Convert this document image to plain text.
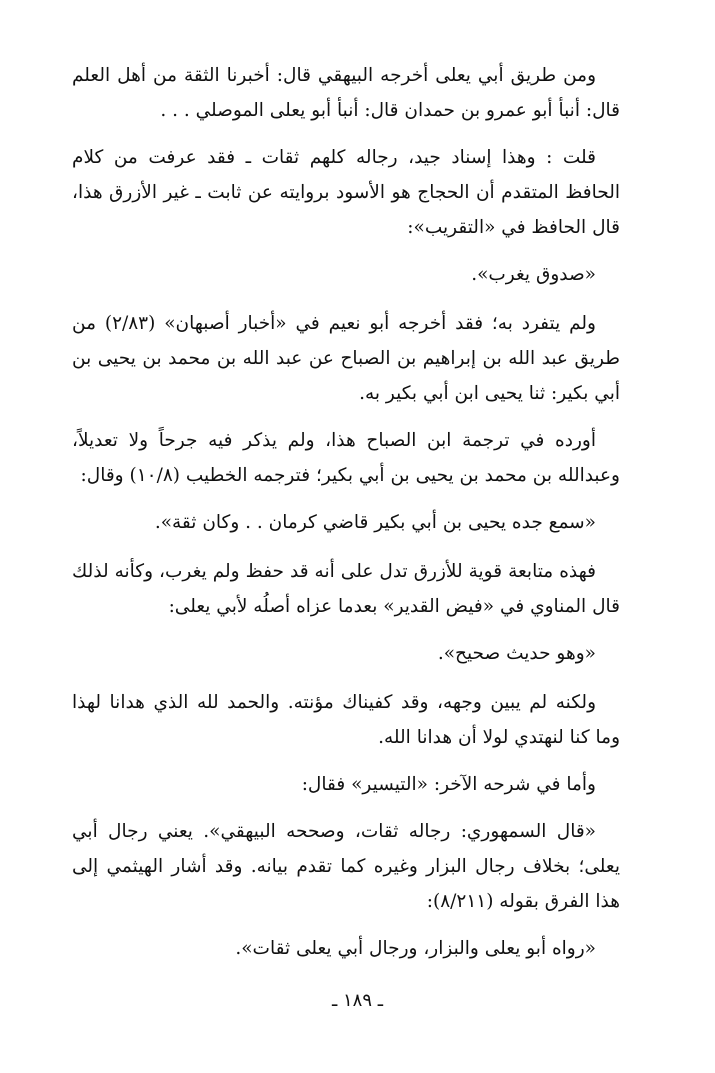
ومن طريق أبي يعلى أخرجه البيهقي قال: أخبرنا الثقة من أهل العلم قال: أنبأ أبو عمرو بن حمدان قال: أنبأ أبو يعلى الموصلي . . .

قلت : وهذا إسناد جيد، رجاله كلهم ثقات ـ فقد عرفت من كلام الحافظ المتقدم أن الحجاج هو الأسود بروايته عن ثابت ـ غير الأزرق هذا، قال الحافظ في «التقريب»:

«صدوق يغرب».

ولم يتفرد به؛ فقد أخرجه أبو نعيم في «أخبار أصبهان» (٢/٨٣) من طريق عبد الله بن إبراهيم بن الصباح عن عبد الله بن محمد بن يحيى بن أبي بكير: ثنا يحيى ابن أبي بكير به.

أورده في ترجمة ابن الصباح هذا، ولم يذكر فيه جرحاً ولا تعديلاً، وعبدالله بن محمد بن يحيى بن أبي بكير؛ فترجمه الخطيب (١٠/٨) وقال:

«سمع جده يحيى بن أبي بكير قاضي كرمان . . وكان ثقة».

فهذه متابعة قوية للأزرق تدل على أنه قد حفظ ولم يغرب، وكأنه لذلك قال المناوي في «فيض القدير» بعدما عزاه أصلُه لأبي يعلى:

«وهو حديث صحيح».

ولكنه لم يبين وجهه، وقد كفيناك مؤنته. والحمد لله الذي هدانا لهذا وما كنا لنهتدي لولا أن هدانا الله.

وأما في شرحه الآخر: «التيسير» فقال:

«قال السمهوري: رجاله ثقات، وصححه البيهقي». يعني رجال أبي يعلى؛ بخلاف رجال البزار وغيره كما تقدم بيانه. وقد أشار الهيثمي إلى هذا الفرق بقوله (٨/٢١١):

«رواه أبو يعلى والبزار، ورجال أبي يعلى ثقات».

ـ ١٨٩ ـ
